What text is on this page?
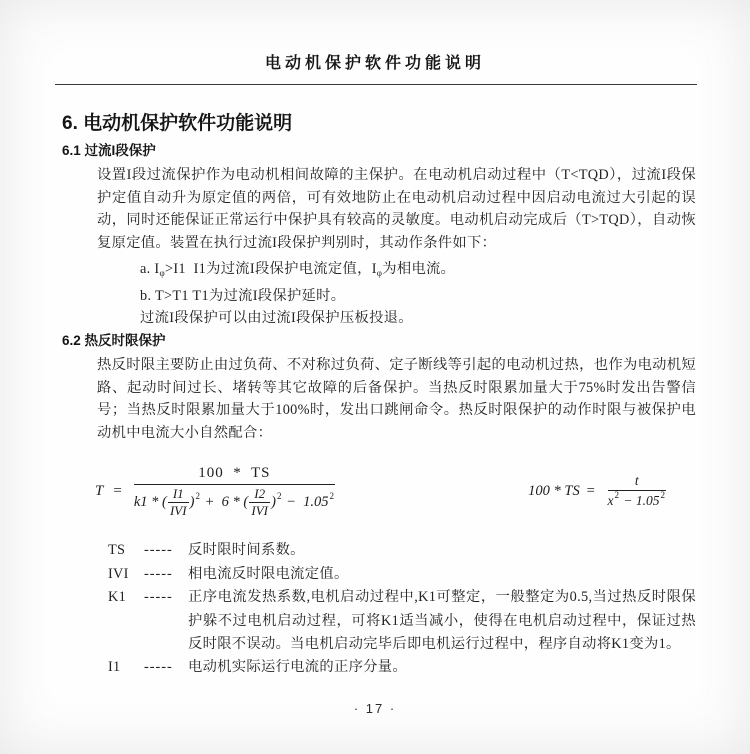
电动机保护软件功能说明
6. 电动机保护软件功能说明
6.1 过流I段保护

设置I段过流保护作为电动机相间故障的主保护。在电动机启动过程中（T<TQD），过流I段保护定值自动升为原定值的两倍，可有效地防止在电动机启动过程中因启动电流过大引起的误动，同时还能保证正常运行中保护具有较高的灵敏度。电动机启动完成后（T>TQD），自动恢复原定值。装置在执行过流I段保护判别时，其动作条件如下：

a. $I_\varphi>I1$  I1为过流I段保护电流定值，$I_\varphi$为相电流。
b. T>T1 T1为过流I段保护延时。
过流I段保护可以由过流I段保护压板投退。
6.2 热反时限保护

热反时限主要防止由过负荷、不对称过负荷、定子断线等引起的电动机过热，也作为电动机短路、起动时间过长、堵转等其它故障的后备保护。当热反时限累加量大于75%时发出告警信号；当热反时限累加量大于100%时，发出口跳闸命令。热反时限保护的动作时限与被保护电动机中电流大小自然配合：

$T = \frac{100 * TS}{k1 * ( \frac{I1}{\text{IVI}} ) 2 + 6 * ( \frac{I2}{\text{IVI}} ) 2 - 1.05 2}$	100 * TS = $\frac{t}{x 2 - 1.05 2}$
TS	-----	反时限时间系数。
IVI	-----	相电流反时限电流定值。
K1	-----	正序电流发热系数,电机启动过程中,K1可整定，一般整定为0.5,当过热反时限保护躲不过电机启动过程，可将K1适当减小，使得在电机启动过程中，保证过热反时限不误动。当电机启动完毕后即电机运行过程中，程序自动将K1变为1。
I1	-----	电动机实际运行电流的正序分量。
· 17 ·
